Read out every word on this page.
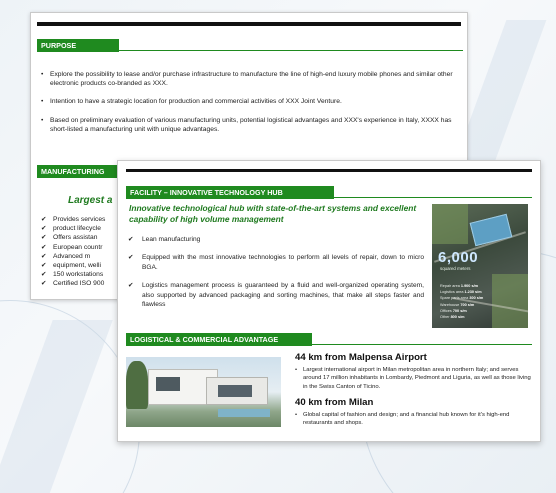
PURPOSE
• Explore the possibility to lease and/or purchase infrastructure to manufacture the line of high-end luxury mobile phones and similar other electronic products co-branded as XXX.
• Intention to have a strategic location for production and commercial activities of XXX Joint Venture.
• Based on preliminary evaluation of various manufacturing units, potential logistical advantages and XXX's experience in Italy, XXXX has short-listed a manufacturing unit with unique advantages.
MANUFACTURING
Largest a
✔ Provides services
✔ product lifecycle
✔ Offers assistan
✔ European countr
✔ Advanced m
✔ equipment, welli
✔ 150 workstations
✔ Certified ISO 900
FACILITY – INNOVATIVE TECHNOLOGY HUB
Innovative technological hub with state-of-the-art systems and excellent capability of high volume management
✔ Lean manufacturing
✔ Equipped with the most innovative technologies to perform all levels of repair, down to micro BGA.
✔ Logistics management process is guaranteed by a fluid and well-organized operating system, also supported by advanced packaging and sorting machines, that make all steps faster and flawless
6,000
squared meters
Repair area 1.900 s/m
Logistics area 1.230 s/m
Spare parts area 300 s/m
Warehouse 700 s/m
Offices 700 s/m
Other 800 s/m
LOGISTICAL & COMMERCIAL ADVANTAGE
44 km from Malpensa Airport
• Largest international airport in Milan metropolitan area in northern Italy; and serves around 17 million inhabitants in Lombardy, Piedmont and Liguria, as well as those living in the Swiss Canton of Ticino.
40 km from Milan
• Global capital of fashion and design; and a financial hub known for it's high-end restaurants and shops.
